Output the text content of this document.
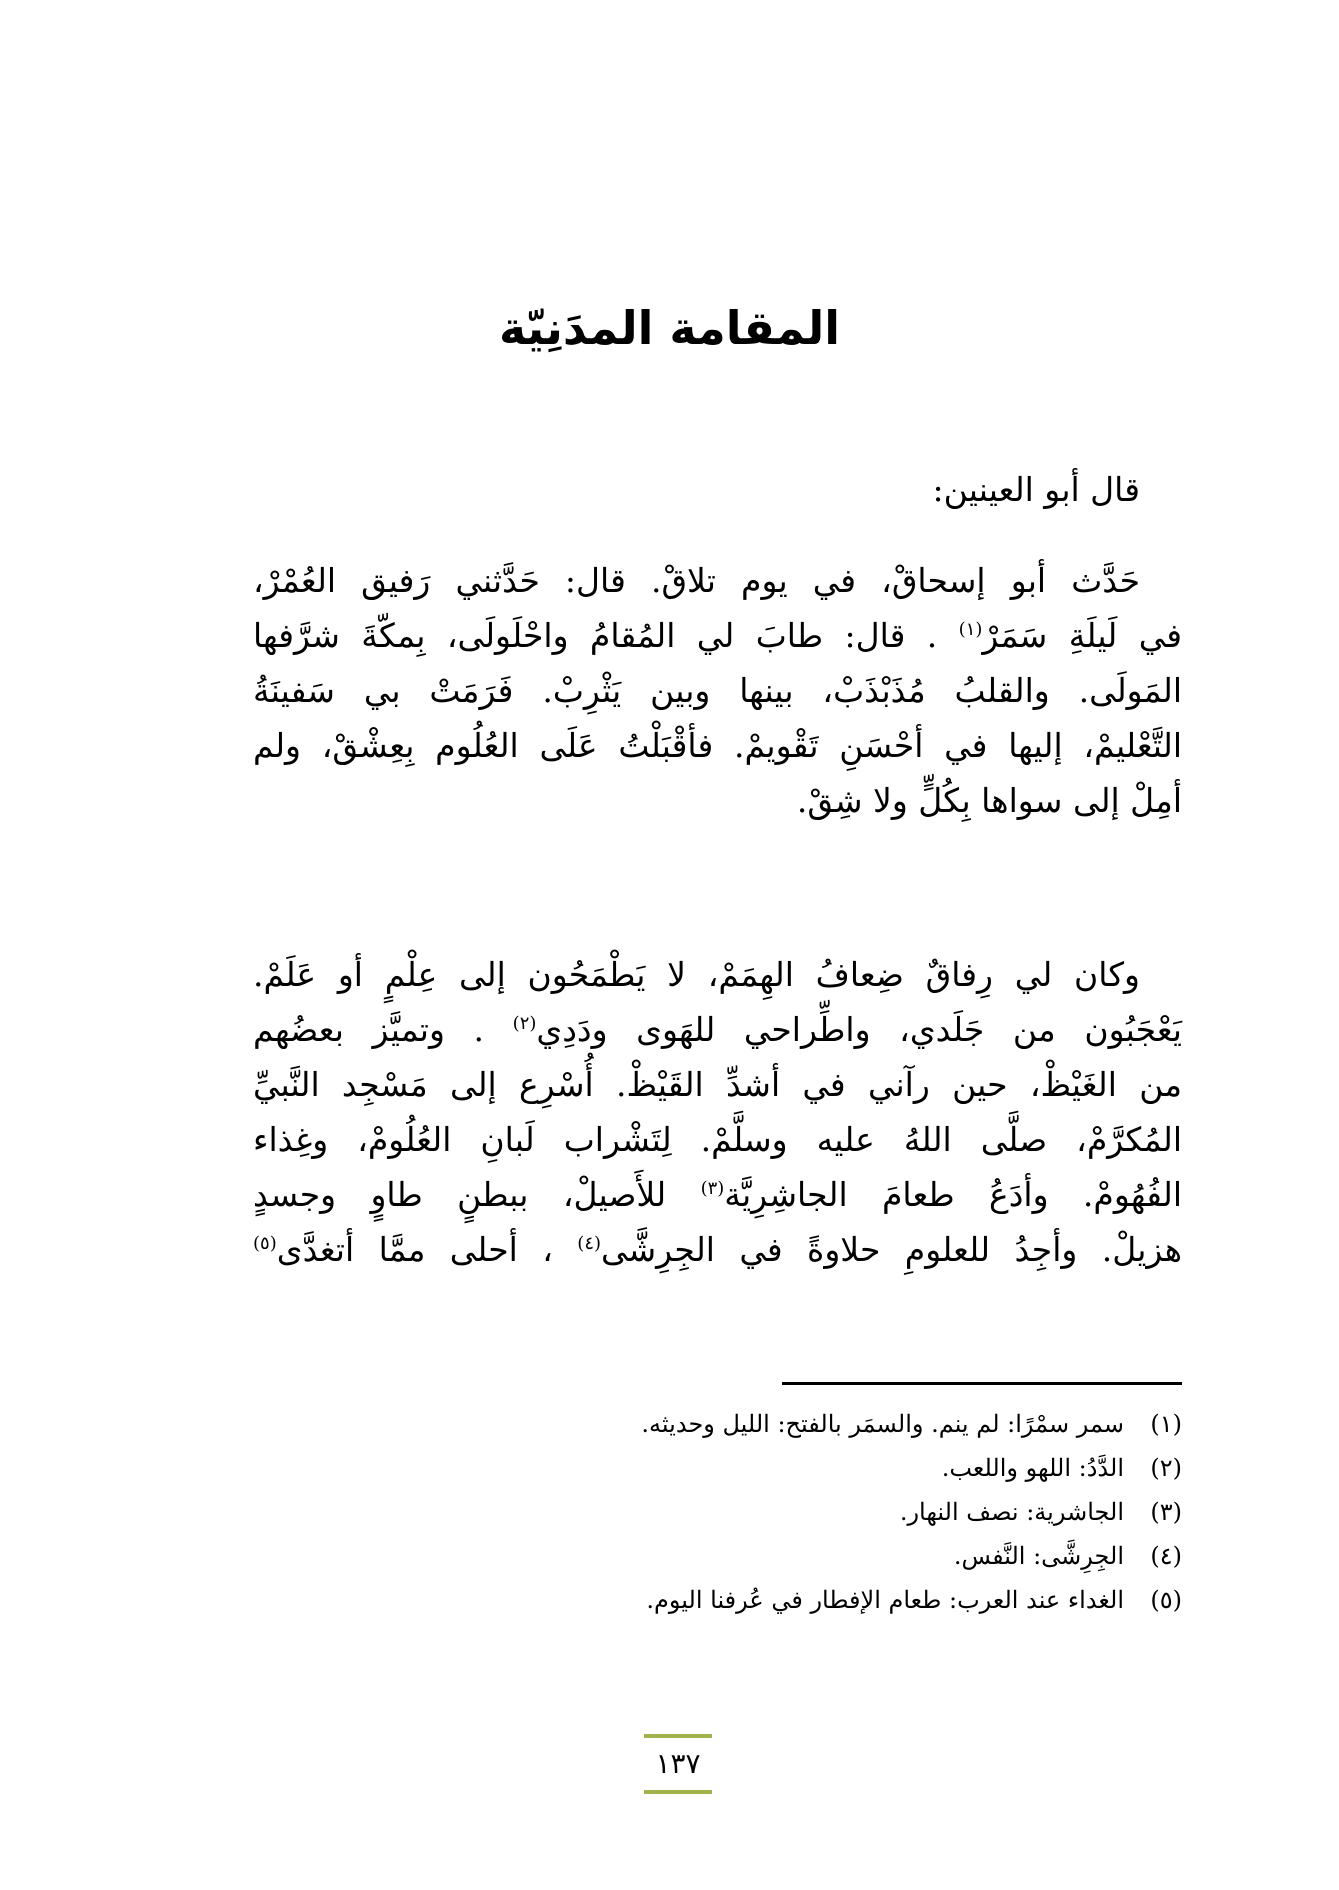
المقامة المدَنِيّة
قال أبو العينين:
حَدَّث أبو إسحاقْ، في يوم تلاقْ. قال: حَدَّثني رَفيق العُمْرْ،
في لَيلَةِ سَمَرْ$^{(١)}$ . قال: طابَ لي المُقامُ واحْلَولَى، بِمكّةَ شرَّفها
المَولَى. والقلبُ مُذَبْذَبْ، بينها وبين يَثْرِبْ. فَرَمَتْ بي سَفينَةُ
التَّعْليمْ، إليها في أحْسَنِ تَقْويمْ. فأقْبَلْتُ عَلَى العُلُوم بِعِشْقْ، ولم
أمِلْ إلى سواها بِكُلٍّ ولا شِقْ.
وكان لي رِفاقٌ ضِعافُ الهِمَمْ، لا يَطْمَحُون إلى عِلْمٍ أو عَلَمْ.
يَعْجَبُون من جَلَدي، واطِّراحي للهَوى ودَدِي$^{(٢)}$ . وتميَّز بعضُهم
من الغَيْظْ، حين رآني في أشدِّ القَيْظْ. أُسْرِع إلى مَسْجِد النَّبيِّ
المُكرَّمْ، صلَّى اللهُ عليه وسلَّمْ. لِتَشْراب لَبانِ العُلُومْ، وغِذاء
الفُهُومْ. وأدَعُ طعامَ الجاشِرِيَّة$^{(٣)}$ للأَصيلْ، ببطنٍ طاوٍ وجسدٍ
هزيلْ. وأجِدُ للعلومِ حلاوةً في الجِرِشَّى$^{(٤)}$ ، أحلى ممَّا أتغدَّى$^{(٥)}$
(١)
سمر سمْرًا: لم ينم. والسمَر بالفتح: الليل وحديثه.
(٢)
الدَّدُ: اللهو واللعب.
(٣)
الجاشرية: نصف النهار.
(٤)
الجِرِشَّى: النَّفس.
(٥)
الغداء عند العرب: طعام الإفطار في عُرفنا اليوم.
١٣٧
